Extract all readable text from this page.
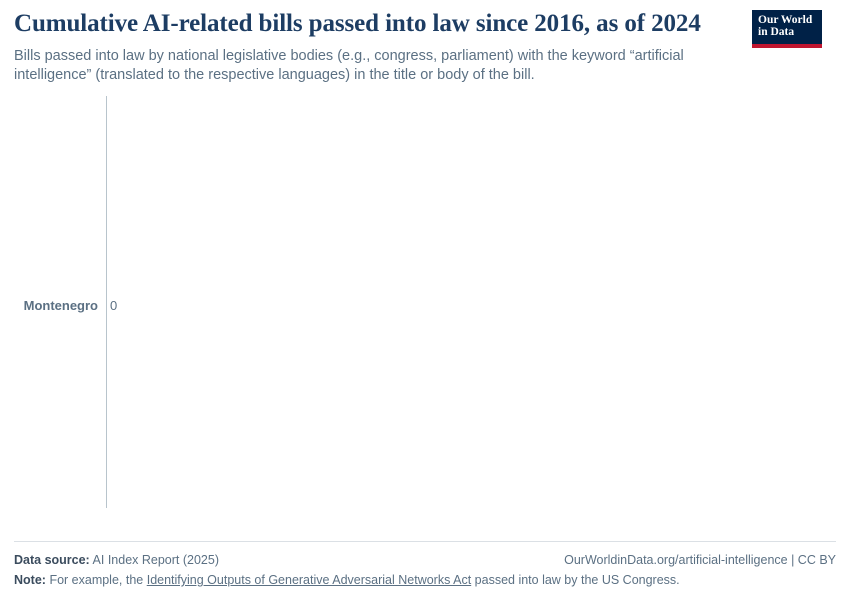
Cumulative AI-related bills passed into law since 2016, as of 2024

Bills passed into law by national legislative bodies (e.g., congress, parliament) with the keyword “artificial intelligence” (translated to the respective languages) in the title or body of the bill.

Our World
in Data
Montenegro 0
Data source: AI Index Report (2025)	OurWorldinData.org/artificial-intelligence | CC BY
Note: For example, the Identifying Outputs of Generative Adversarial Networks Act passed into law by the US Congress.
